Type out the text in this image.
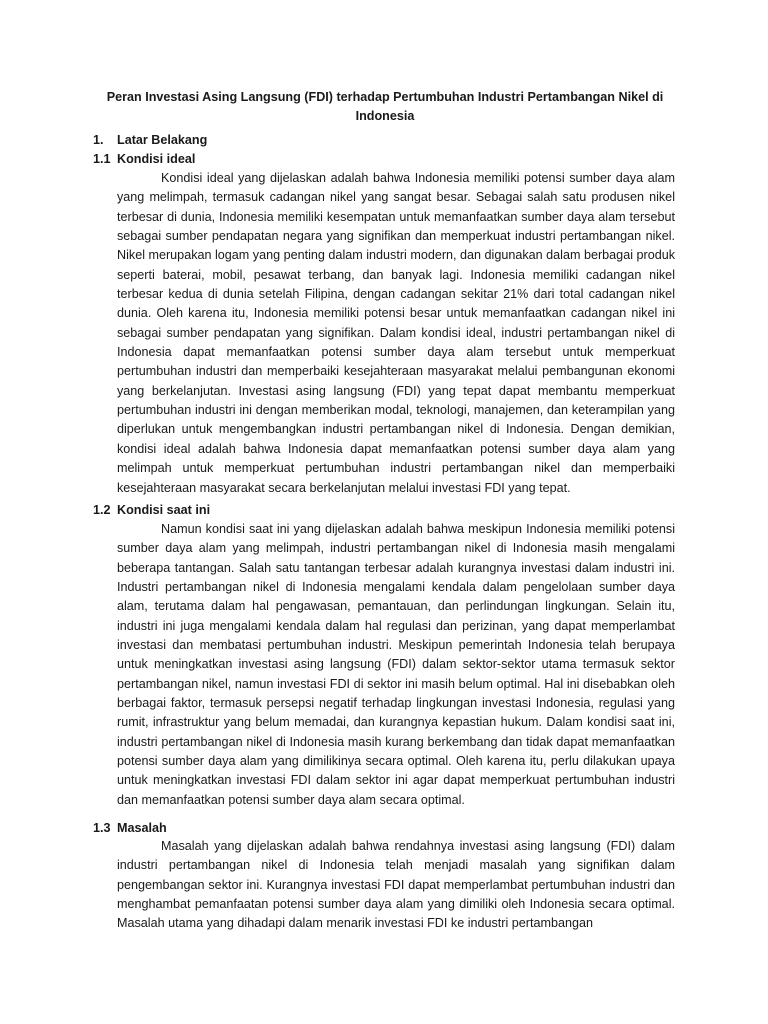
Peran Investasi Asing Langsung (FDI) terhadap Pertumbuhan Industri Pertambangan Nikel di Indonesia
1. Latar Belakang
1.1 Kondisi ideal
Kondisi ideal yang dijelaskan adalah bahwa Indonesia memiliki potensi sumber daya alam yang melimpah, termasuk cadangan nikel yang sangat besar. Sebagai salah satu produsen nikel terbesar di dunia, Indonesia memiliki kesempatan untuk memanfaatkan sumber daya alam tersebut sebagai sumber pendapatan negara yang signifikan dan memperkuat industri pertambangan nikel. Nikel merupakan logam yang penting dalam industri modern, dan digunakan dalam berbagai produk seperti baterai, mobil, pesawat terbang, dan banyak lagi. Indonesia memiliki cadangan nikel terbesar kedua di dunia setelah Filipina, dengan cadangan sekitar 21% dari total cadangan nikel dunia. Oleh karena itu, Indonesia memiliki potensi besar untuk memanfaatkan cadangan nikel ini sebagai sumber pendapatan yang signifikan. Dalam kondisi ideal, industri pertambangan nikel di Indonesia dapat memanfaatkan potensi sumber daya alam tersebut untuk memperkuat pertumbuhan industri dan memperbaiki kesejahteraan masyarakat melalui pembangunan ekonomi yang berkelanjutan. Investasi asing langsung (FDI) yang tepat dapat membantu memperkuat pertumbuhan industri ini dengan memberikan modal, teknologi, manajemen, dan keterampilan yang diperlukan untuk mengembangkan industri pertambangan nikel di Indonesia. Dengan demikian, kondisi ideal adalah bahwa Indonesia dapat memanfaatkan potensi sumber daya alam yang melimpah untuk memperkuat pertumbuhan industri pertambangan nikel dan memperbaiki kesejahteraan masyarakat secara berkelanjutan melalui investasi FDI yang tepat.
1.2 Kondisi saat ini
Namun kondisi saat ini yang dijelaskan adalah bahwa meskipun Indonesia memiliki potensi sumber daya alam yang melimpah, industri pertambangan nikel di Indonesia masih mengalami beberapa tantangan. Salah satu tantangan terbesar adalah kurangnya investasi dalam industri ini. Industri pertambangan nikel di Indonesia mengalami kendala dalam pengelolaan sumber daya alam, terutama dalam hal pengawasan, pemantauan, dan perlindungan lingkungan. Selain itu, industri ini juga mengalami kendala dalam hal regulasi dan perizinan, yang dapat memperlambat investasi dan membatasi pertumbuhan industri. Meskipun pemerintah Indonesia telah berupaya untuk meningkatkan investasi asing langsung (FDI) dalam sektor-sektor utama termasuk sektor pertambangan nikel, namun investasi FDI di sektor ini masih belum optimal. Hal ini disebabkan oleh berbagai faktor, termasuk persepsi negatif terhadap lingkungan investasi Indonesia, regulasi yang rumit, infrastruktur yang belum memadai, dan kurangnya kepastian hukum. Dalam kondisi saat ini, industri pertambangan nikel di Indonesia masih kurang berkembang dan tidak dapat memanfaatkan potensi sumber daya alam yang dimilikinya secara optimal. Oleh karena itu, perlu dilakukan upaya untuk meningkatkan investasi FDI dalam sektor ini agar dapat memperkuat pertumbuhan industri dan memanfaatkan potensi sumber daya alam secara optimal.
1.3 Masalah
Masalah yang dijelaskan adalah bahwa rendahnya investasi asing langsung (FDI) dalam industri pertambangan nikel di Indonesia telah menjadi masalah yang signifikan dalam pengembangan sektor ini. Kurangnya investasi FDI dapat memperlambat pertumbuhan industri dan menghambat pemanfaatan potensi sumber daya alam yang dimiliki oleh Indonesia secara optimal. Masalah utama yang dihadapi dalam menarik investasi FDI ke industri pertambangan
